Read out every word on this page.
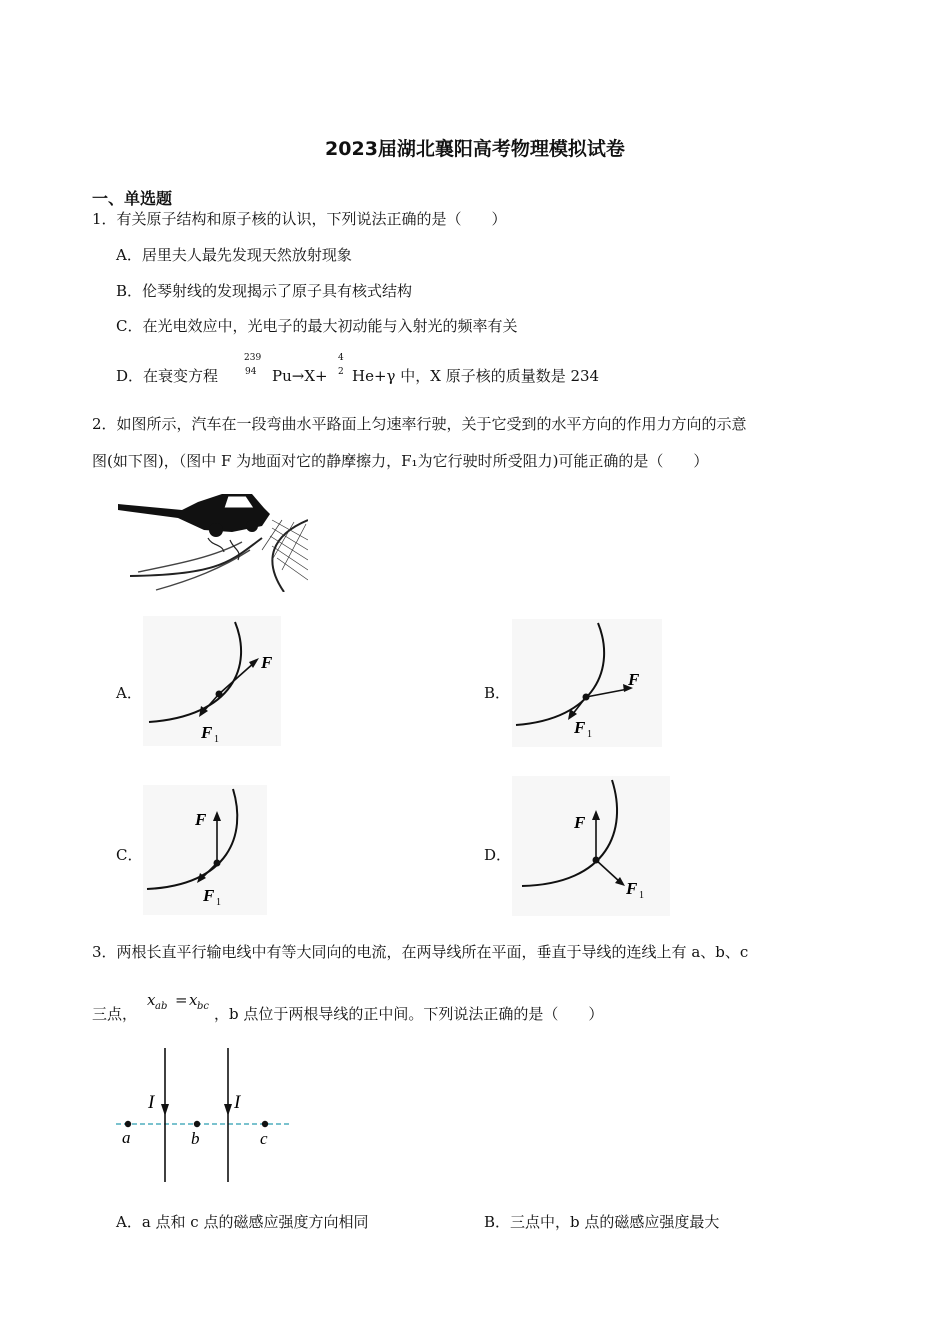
2023届湖北襄阳高考物理模拟试卷
一、单选题
1．有关原子结构和原子核的认识，下列说法正确的是（　　）
A．居里夫人最先发现天然放射现象
B．伦琴射线的发现揭示了原子具有核式结构
C．在光电效应中，光电子的最大初动能与入射光的频率有关
D．在衰变方程
239
94 Pu→X+
4
2 He+γ 中，X 原子核的质量数是 234
2．如图所示，汽车在一段弯曲水平路面上匀速率行驶，关于它受到的水平方向的作用力方向的示意
图(如下图)，（图中 F 为地面对它的静摩擦力，F₁为它行驶时所受阻力)可能正确的是（　　）
A．
F
F 1
B．
F
F 1
C．
F
F 1
D．
F
F 1
3．两根长直平行输电线中有等大同向的电流，在两导线所在平面，垂直于导线的连线上有 a、b、c
三点，
x ab = x bc ，b 点位于两根导线的正中间。下列说法正确的是（　　）
I	I
a	b	c
A．a 点和 c 点的磁感应强度方向相同	B．三点中，b 点的磁感应强度最大
